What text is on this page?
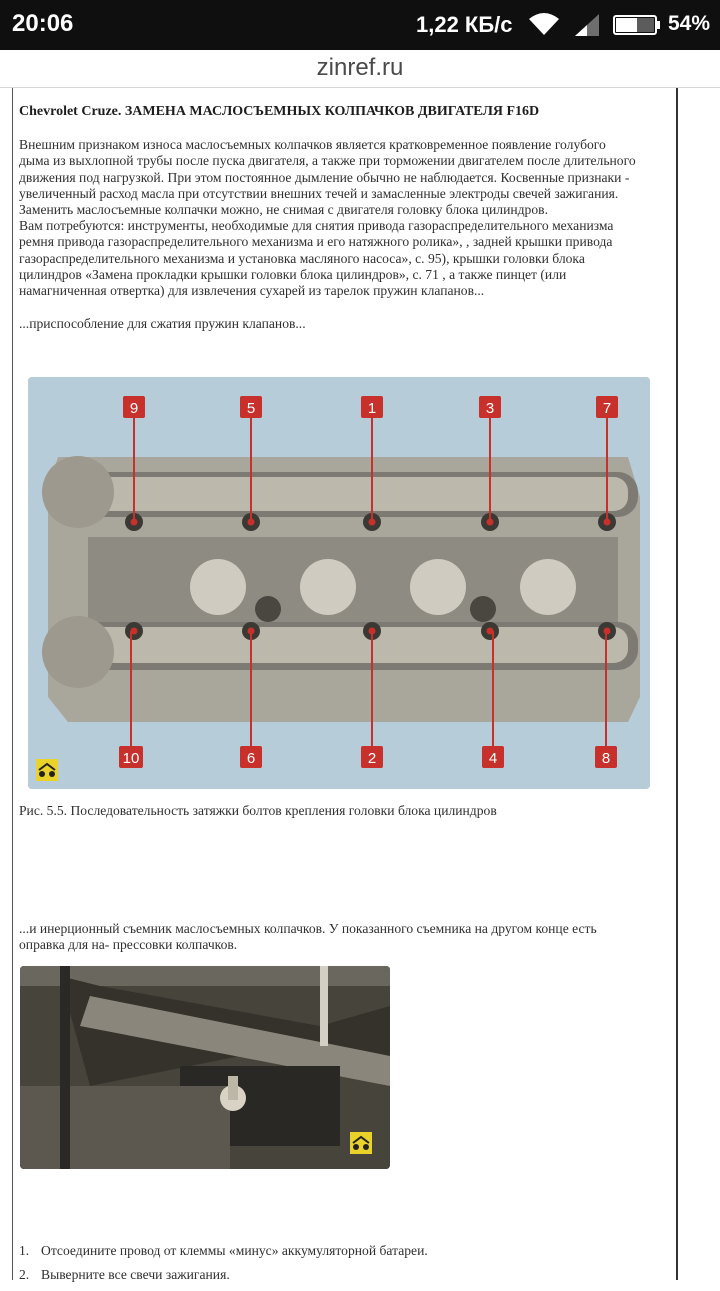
20:06	1,22 КБ/с	54%
zinref.ru
Chevrolet Cruze. ЗАМЕНА МАСЛОСЪЕМНЫХ КОЛПАЧКОВ ДВИГАТЕЛЯ F16D

Внешним признаком износа маслосъемных колпачков является кратковременное появление голубого
дыма из выхлопной трубы после пуска двигателя, а также при торможении двигателем после длительного
движения под нагрузкой. При этом постоянное дымление обычно не наблюдается. Косвенные признаки -
увеличенный расход масла при отсутствии внешних течей и замасленные электроды свечей зажигания.
Заменить маслосъемные колпачки можно, не снимая с двигателя головку блока цилиндров.
Вам потребуются: инструменты, необходимые для снятия привода газораспределительного механизма
ремня привода газораспределительного механизма и его натяжного ролика», , задней крышки привода
газораспределительного механизма и установка масляного насоса», с. 95), крышки головки блока
цилиндров «Замена прокладки крышки головки блока цилиндров», с. 71 , а также пинцет (или
намагниченная отвертка) для извлечения сухарей из тарелок пружин клапанов...

...приспособление для сжатия пружин клапанов...

9	5	1	3	7
10	6	2	4	8
Рис. 5.5. Последовательность затяжки болтов крепления головки блока цилиндров
...и инерционный съемник маслосъемных колпачков. У показанного съемника на другом конце есть
оправка для на- прессовки колпачков.
1. Отсоедините провод от клеммы «минус» аккумуляторной батареи.
2. Выверните все свечи зажигания.
